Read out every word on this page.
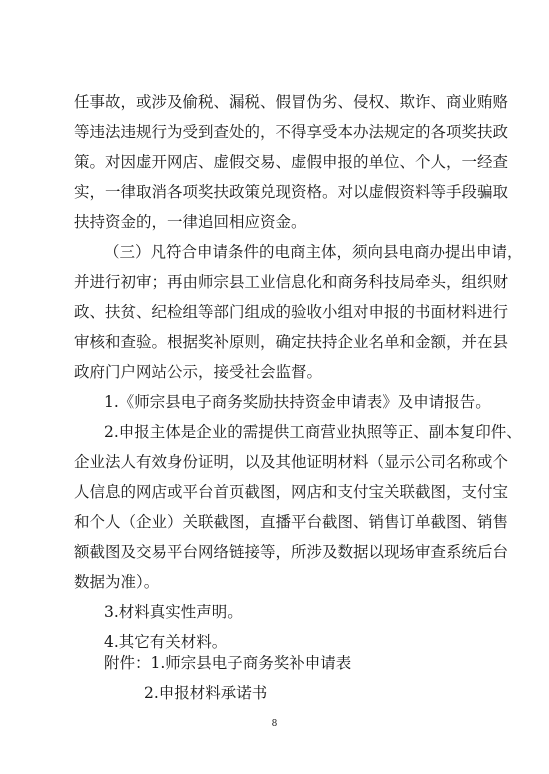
任事故，或涉及偷税、漏税、假冒伪劣、侵权、欺诈、商业贿赂
等违法违规行为受到查处的，不得享受本办法规定的各项奖扶政
策。对因虚开网店、虚假交易、虚假申报的单位、个人，一经查
实，一律取消各项奖扶政策兑现资格。对以虚假资料等手段骗取
扶持资金的，一律追回相应资金。
（三）凡符合申请条件的电商主体，须向县电商办提出申请，
并进行初审；再由师宗县工业信息化和商务科技局牵头，组织财
政、扶贫、纪检组等部门组成的验收小组对申报的书面材料进行
审核和查验。根据奖补原则，确定扶持企业名单和金额，并在县
政府门户网站公示，接受社会监督。
1.《师宗县电子商务奖励扶持资金申请表》及申请报告。
2.申报主体是企业的需提供工商营业执照等正、副本复印件、
企业法人有效身份证明，以及其他证明材料（显示公司名称或个
人信息的网店或平台首页截图，网店和支付宝关联截图，支付宝
和个人（企业）关联截图，直播平台截图、销售订单截图、销售
额截图及交易平台网络链接等，所涉及数据以现场审查系统后台
数据为准）。
3.材料真实性声明。
4.其它有关材料。
附件：1.师宗县电子商务奖补申请表
2.申报材料承诺书
8
